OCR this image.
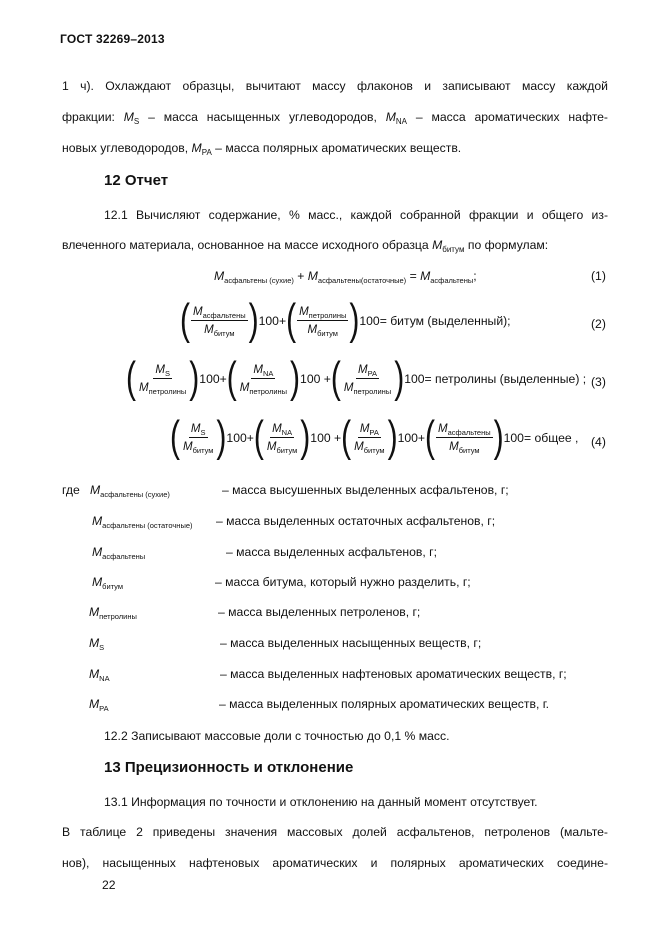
ГОСТ 32269–2013
1 ч). Охлаждают образцы, вычитают массу флаконов и записывают массу каждой
фракции: $M_S$ – масса насыщенных углеводородов, $M_{NA}$ – масса ароматических нафте-
новых углеводородов, $M_{PA}$ – масса полярных ароматических веществ.
12 Отчет
12.1 Вычисляют содержание, % масс., каждой собранной фракции и общего из-
влеченного материала, основанное на массе исходного образца $M_{битум}$ по формулам:
$M_{асфальтены (сухие)} + M_{асфальтены(остаточные)} = M_{асфальтены}$;	(1)
( $\frac{M_{асфальтены}}{M_{битум}}$ ) 100+ ( $\frac{M_{петролины}}{M_{битум}}$ ) 100= битум (выделенный);	(2)
( $\frac{M_S}{M_{петролины}}$ ) 100+ ( $\frac{M_{NA}}{M_{петролины}}$ ) 100 + ( $\frac{M_{PA}}{M_{петролины}}$ ) 100= петролины (выделенные) ; (3)
( $\frac{M_S}{M_{битум}}$ ) 100+ ( $\frac{M_{NA}}{M_{битум}}$ ) 100 + ( $\frac{M_{PA}}{M_{битум}}$ ) 100+ ( $\frac{M_{асфальтены}}{M_{битум}}$ ) 100= общее , (4)
где $M_{асфальтены (сухие)}$	– масса высушенных выделенных асфальтенов, г;
$M_{асфальтены (остаточные)}$ – масса выделенных остаточных асфальтенов, г;
$M_{асфальтены}$	– масса выделенных асфальтенов, г;
$M_{битум}$	– масса битума, который нужно разделить, г;
$M_{петролины}$	– масса выделенных петроленов, г;
$M_S$	– масса выделенных насыщенных веществ, г;
$M_{NA}$	– масса выделенных нафтеновых ароматических веществ, г;
$M_{PA}$	– масса выделенных полярных ароматических веществ, г.
12.2 Записывают массовые доли с точностью до 0,1 % масс.
13 Прецизионность и отклонение
13.1 Информация по точности и отклонению на данный момент отсутствует.
В таблице 2 приведены значения массовых долей асфальтенов, петроленов (мальте-
нов), насыщенных нафтеновых ароматических и полярных ароматических соедине-
22
